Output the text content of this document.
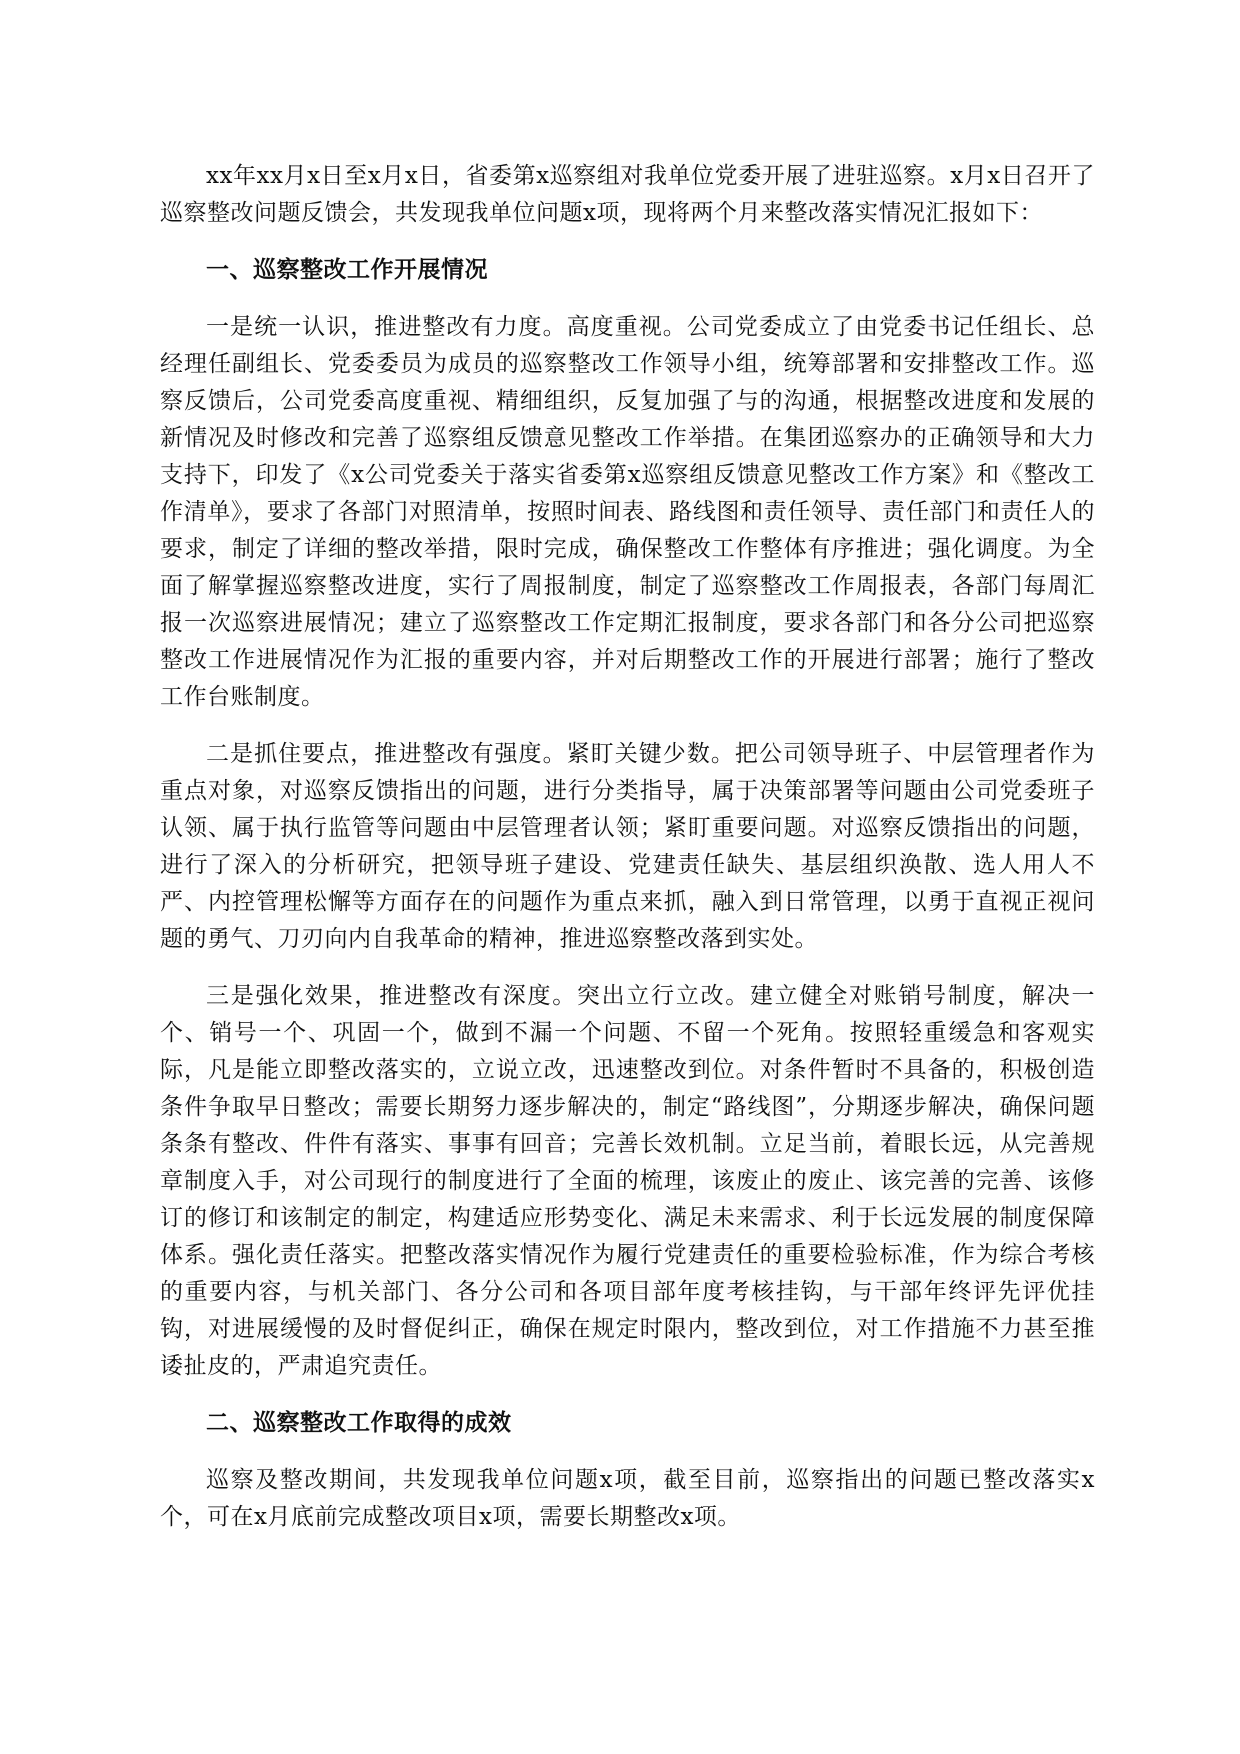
xx年xx月x日至x月x日，省委第x巡察组对我单位党委开展了进驻巡察。x月x日召开了巡察整改问题反馈会，共发现我单位问题x项，现将两个月来整改落实情况汇报如下：

一、巡察整改工作开展情况

一是统一认识，推进整改有力度。高度重视。公司党委成立了由党委书记任组长、总经理任副组长、党委委员为成员的巡察整改工作领导小组，统筹部署和安排整改工作。巡察反馈后，公司党委高度重视、精细组织，反复加强了与的沟通，根据整改进度和发展的新情况及时修改和完善了巡察组反馈意见整改工作举措。在集团巡察办的正确领导和大力支持下，印发了《x公司党委关于落实省委第x巡察组反馈意见整改工作方案》和《整改工作清单》，要求了各部门对照清单，按照时间表、路线图和责任领导、责任部门和责任人的要求，制定了详细的整改举措，限时完成，确保整改工作整体有序推进；强化调度。为全面了解掌握巡察整改进度，实行了周报制度，制定了巡察整改工作周报表，各部门每周汇报一次巡察进展情况；建立了巡察整改工作定期汇报制度，要求各部门和各分公司把巡察整改工作进展情况作为汇报的重要内容，并对后期整改工作的开展进行部署；施行了整改工作台账制度。

二是抓住要点，推进整改有强度。紧盯关键少数。把公司领导班子、中层管理者作为重点对象，对巡察反馈指出的问题，进行分类指导，属于决策部署等问题由公司党委班子认领、属于执行监管等问题由中层管理者认领；紧盯重要问题。对巡察反馈指出的问题，进行了深入的分析研究，把领导班子建设、党建责任缺失、基层组织涣散、选人用人不严、内控管理松懈等方面存在的问题作为重点来抓，融入到日常管理，以勇于直视正视问题的勇气、刀刃向内自我革命的精神，推进巡察整改落到实处。

三是强化效果，推进整改有深度。突出立行立改。建立健全对账销号制度，解决一个、销号一个、巩固一个，做到不漏一个问题、不留一个死角。按照轻重缓急和客观实际，凡是能立即整改落实的，立说立改，迅速整改到位。对条件暂时不具备的，积极创造条件争取早日整改；需要长期努力逐步解决的，制定“路线图”，分期逐步解决，确保问题条条有整改、件件有落实、事事有回音；完善长效机制。立足当前，着眼长远，从完善规章制度入手，对公司现行的制度进行了全面的梳理，该废止的废止、该完善的完善、该修订的修订和该制定的制定，构建适应形势变化、满足未来需求、利于长远发展的制度保障体系。强化责任落实。把整改落实情况作为履行党建责任的重要检验标准，作为综合考核的重要内容，与机关部门、各分公司和各项目部年度考核挂钩，与干部年终评先评优挂钩，对进展缓慢的及时督促纠正，确保在规定时限内，整改到位，对工作措施不力甚至推诿扯皮的，严肃追究责任。

二、巡察整改工作取得的成效

巡察及整改期间，共发现我单位问题x项，截至目前，巡察指出的问题已整改落实x个，可在x月底前完成整改项目x项，需要长期整改x项。
